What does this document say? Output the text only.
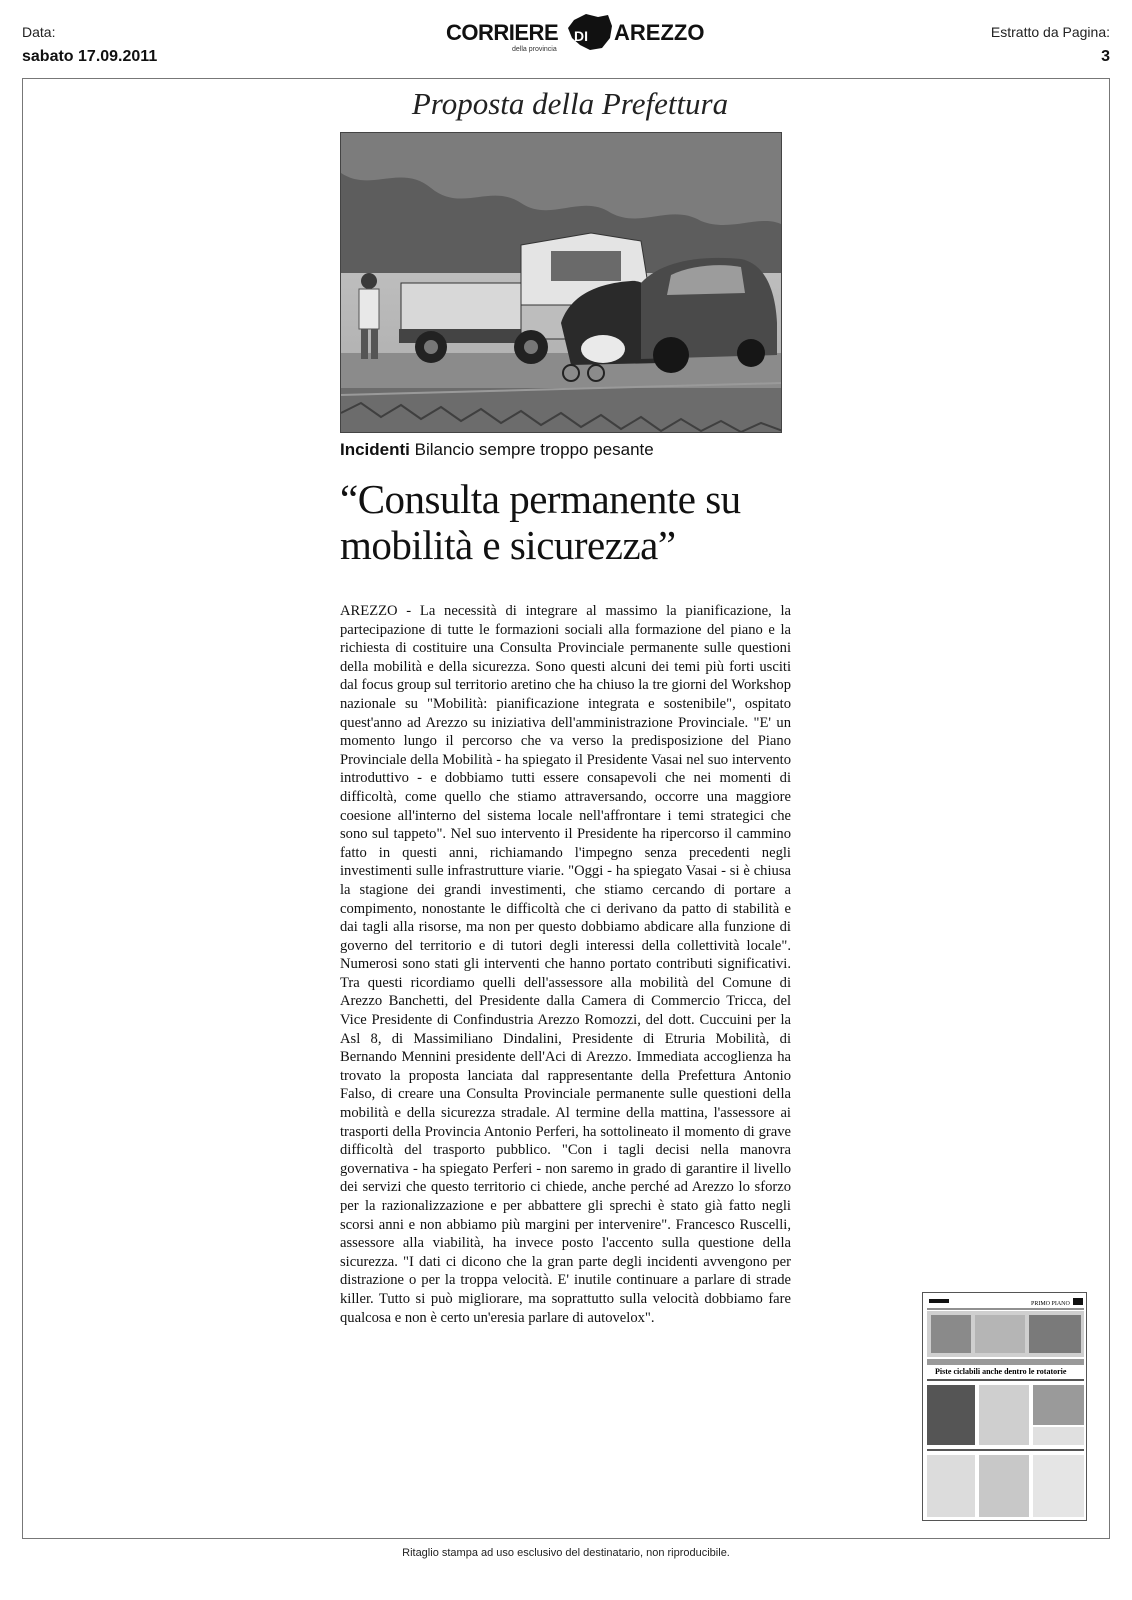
Data:
sabato 17.09.2011
Estratto da Pagina:
3
CORRIERE DI AREZZO
della provincia
Proposta della Prefettura
Incidenti Bilancio sempre troppo pesante
“Consulta permanente su mobilità e sicurezza”
AREZZO - La necessità di integrare al massimo la pianificazione, la partecipazione di tutte le formazioni sociali alla formazione del piano e la richiesta di costituire una Consulta Provinciale permanente sulle questioni della mobilità e della sicurezza. Sono questi alcuni dei temi più forti usciti dal focus group sul territorio aretino che ha chiuso la tre giorni del Workshop nazionale su "Mobilità: pianificazione integrata e sostenibile", ospitato quest'anno ad Arezzo su iniziativa dell'amministrazione Provinciale. "E' un momento lungo il percorso che va verso la predisposizione del Piano Provinciale della Mobilità - ha spiegato il Presidente Vasai nel suo intervento introduttivo - e dobbiamo tutti essere consapevoli che nei momenti di difficoltà, come quello che stiamo attraversando, occorre una maggiore coesione all'interno del sistema locale nell'affrontare i temi strategici che sono sul tappeto". Nel suo intervento il Presidente ha ripercorso il cammino fatto in questi anni, richiamando l'impegno senza precedenti negli investimenti sulle infrastrutture viarie. "Oggi - ha spiegato Vasai - si è chiusa la stagione dei grandi investimenti, che stiamo cercando di portare a compimento, nonostante le difficoltà che ci derivano da patto di stabilità e dai tagli alla risorse, ma non per questo dobbiamo abdicare alla funzione di governo del territorio e di tutori degli interessi della collettività locale". Numerosi sono stati gli interventi che hanno portato contributi significativi. Tra questi ricordiamo quelli dell'assessore alla mobilità del Comune di Arezzo Banchetti, del Presidente dalla Camera di Commercio Tricca, del Vice Presidente di Confindustria Arezzo Romozzi, del dott. Cuccuini per la Asl 8, di Massimiliano Dindalini, Presidente di Etruria Mobilità, di Bernando Mennini presidente dell'Aci di Arezzo. Immediata accoglienza ha trovato la proposta lanciata dal rappresentante della Prefettura Antonio Falso, di creare una Consulta Provinciale permanente sulle questioni della mobilità e della sicurezza stradale. Al termine della mattina, l'assessore ai trasporti della Provincia Antonio Perferi, ha sottolineato il momento di grave difficoltà del trasporto pubblico. "Con i tagli decisi nella manovra governativa - ha spiegato Perferi - non saremo in grado di garantire il livello dei servizi che questo territorio ci chiede, anche perché ad Arezzo lo sforzo per la razionalizzazione e per abbattere gli sprechi è stato già fatto negli scorsi anni e non abbiamo più margini per intervenire". Francesco Ruscelli, assessore alla viabilità, ha invece posto l'accento sulla questione della sicurezza. "I dati ci dicono che la gran parte degli incidenti avvengono per distrazione o per la troppa velocità. E' inutile continuare a parlare di strade killer. Tutto si può migliorare, ma soprattutto sulla velocità dobbiamo fare qualcosa e non è certo un'eresia parlare di autovelox".
PRIMO PIANO
Piste ciclabili anche dentro le rotatorie
Ritaglio stampa ad uso esclusivo del destinatario, non riproducibile.
